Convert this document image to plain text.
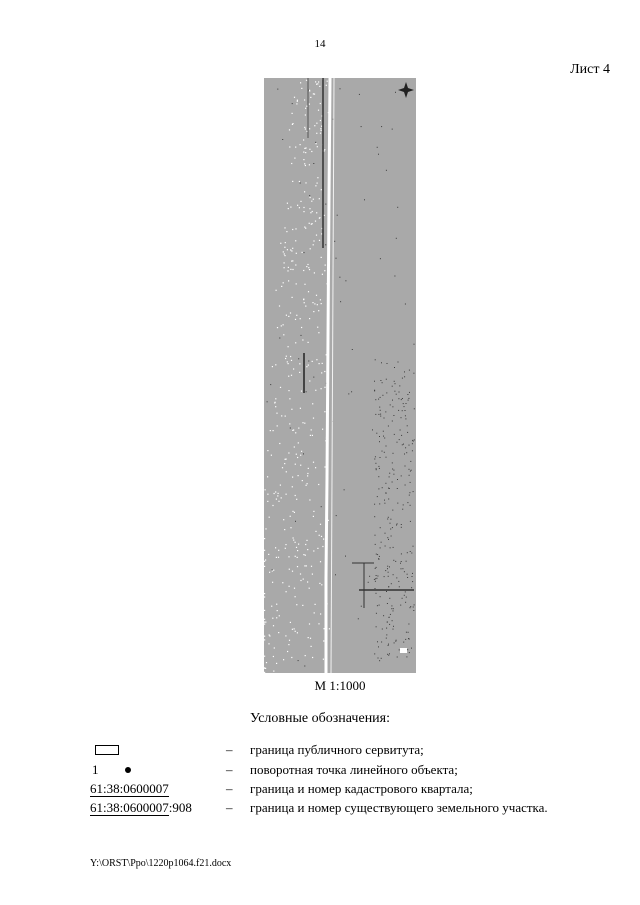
14
Лист 4
М 1:1000
Условные обозначения:
– граница публичного сервитута;
1	– поворотная точка линейного объекта;
61:38:0600007	– граница и номер кадастрового квартала;
61:38:0600007:908	– граница и номер существующего земельного участка.
Y:\ORST\Ppo\1220p1064.f21.docx
